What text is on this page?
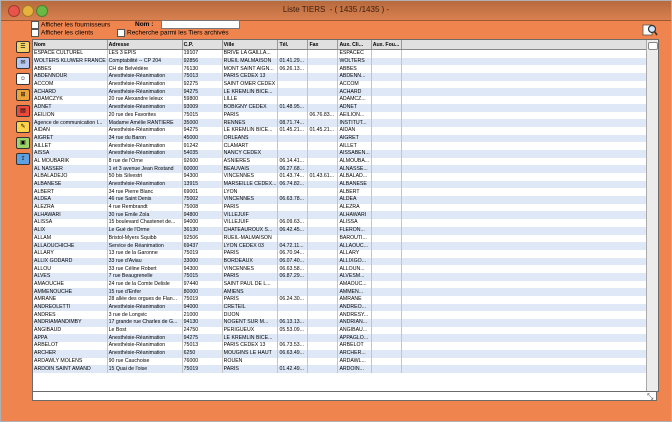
Liste TIERS - ( 1435 /1435 ) -
Afficher les fournisseurs
Afficher les clients
Nom :
Recherche parmi les Tiers archivés
☰
✉
☺
⊞
▤
✎
▣
⇪
Nom	Adresse	C.P.	Ville	Tél.	Fax	Aux. Cli...	Aux. Fou...	
ESPACE CULTUREL	LES 3 EPIS	19107	BRIVE LA GAILLA...			ESPACEC		
WOLTERS KLUWER FRANCE	Comptabilité -- CP 204	92856	RUEIL MALMAISON	01.41.29...		WOLTERS		
ABBES	CH de Belvédère	76130	MONT SAINT AIGN...	06.26.13...		ABBES		
ABDENNOUR	Anesthésie-Réanimation	75013	PARIS CEDEX 13			ABDENN...		
ACCOM	Anesthésie-Réanimation	92275	SAINT OMER CEDEX			ACCOM		
ACHARD	Anesthésie-Réanimation	94275	LE KREMLIN BICE...			ACHARD		
ADAMCZYK	20 rue Alexandre leleux	59800	LILLE			ADAMCZ...		
ADNET	Anesthésie-Réanimation	93009	BOBIGNY CEDEX	01.48.95...		ADNET		
AEILION	20 rue des Favorites	75015	PARIS		06.76.83...	AEILION...		
Agence de communication I...	Madame Amélie RANTIERE	35000	RENNES	08.71.74...		INSTITUT...		
AIDAN	Anesthésie-Réanimation	94275	LE KREMLIN BICE...	01.45.21...	01.45.21...	AIDAN		
AIGRET	34 rue du Baron	45000	ORLEANS			AIGRET		
AILLET	Anesthésie-Réanimation	91242	CLAMART			AILLET		
AISSA	Anesthésie-Réanimation	54035	NANCY CEDEX			AISSABEN...		
AL MOUBARIK	8 rue de l'Orne	92600	ASNIERES	06.14.41...		ALMOUBA...		
AL NASSER	1 et 3 avenue Jean Rostand	60000	BEAUVAIS	06.27.68...		ALNASSE...		
ALBALADEJO	50 bis Silvestri	94300	VINCENNES	01.43.74...	01.43.61...	ALBALAD...		
ALBANESE	Anesthésie-Réanimation	13915	MARSEILLE CEDEX...	06.74.82...		ALBANESE		
ALBERT	34 rue Pierre Blanc	69001	LYON			ALBERT		
ALDEA	46 rue Saint Denis	75002	VINCENNES	06.63.78...		ALDEA		
ALEZRA	4 rue Rembrandt	75008	PARIS			ALEZRA		
ALHAWARI	30 rue Emile Zola	94800	VILLEJUIF			ALHAWARI		
ALISSA	15 boulevard Chastenet de...	94000	VILLEJUIF	06.09.63...		ALISSA		
ALIX	Le Gué de l'Orme	36130	CHATEAUROUX S...	06.42.45...		FLERON...		
ALLAM	Bristol-Myers Squibb	92506	RUEIL-MALMAISON			BAROUTI...		
ALLAOUCHICHE	Service de Réanimation	69437	LYON CEDEX 03	04.72.11...		ALLAOUC...		
ALLARY	13 rue de la Garonne	75019	PARIS	06.70.94...		ALLARY		
ALLIX GODARD	33 rue d'Aviau	33000	BORDEAUX	06.07.40...		ALLIXGO...		
ALLOU	33 rue Céline Robert	94300	VINCENNES	06.63.58...		ALLOUN...		
ALVES	7 rue Beaugrenelle	75015	PARIS	06.87.29...		ALVESM...		
AMAOUCHE	24 rue de la Comte Delisle	97440	SAINT PAUL DE L...			AMAOUC...		
AMMENOUCHE	15 rue d'Enfer	80000	AMIENS			AMMEN...		
AMRANE	28 allée des orgues de Flan...	75019	PARIS	06.24.30...		AMRANE		
ANDREOLETTI	Anesthésie-Réanimation	94000	CRETEIL			ANDREO...		
ANDRES	3 rue de Longvic	21000	DIJON			ANDRESY...		
ANDRIAMANDIMBY	17 grande rue Charles de G...	94130	NOGENT SUR M...	06.13.13...		ANDRIAN...		
ANGIBAUD	Le Bost	24750	PERIGUEUX	05.53.09...		ANGIBAU...		
APPA	Anesthésie-Réanimation	94275	LE KREMLIN BICE...			APPAGLO...		
ARBELOT	Anesthésie-Réanimation	75013	PARIS CEDEX 13	06.73.53...		ARBELOT		
ARCHER	Anesthésie-Réanimation	6250	MOUGINS LE HAUT	06.63.49...		ARCHER...		
ARDAWLY MOLENS	90 rue Cauchoise	76000	ROUEN			ARDAWL...		
ARDOIN SAINT AMAND	15 Quai de l'oise	75019	PARIS	01.42.49...		ARDOIN...		
⤡
